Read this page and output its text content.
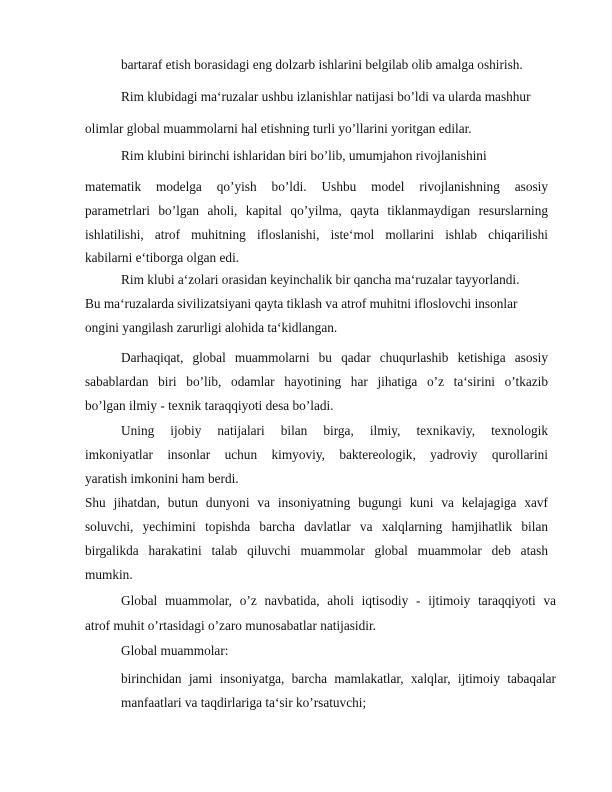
bartaraf etish borasidagi eng dolzarb ishlarini belgilab olib amalga oshirish.
Rim klubidagi ma‘ruzalar ushbu izlanishlar natijasi bo’ldi va ularda mashhur
olimlar global muammolarni hal etishning turli yo’llarini yoritgan edilar.
Rim klubini birinchi ishlaridan biri bo’lib, umumjahon rivojlanishini
matematik modelga qo’yish bo’ldi. Ushbu model rivojlanishning asosiy
parametrlari bo’lgan aholi, kapital qo’yilma, qayta tiklanmaydigan resurslarning
ishlatilishi, atrof muhitning ifloslanishi, iste‘mol mollarini ishlab chiqarilishi
kabilarni e‘tiborga olgan edi.
Rim klubi a‘zolari orasidan keyinchalik bir qancha ma‘ruzalar tayyorlandi.
Bu ma‘ruzalarda sivilizatsiyani qayta tiklash va atrof muhitni ifloslovchi insonlar
ongini yangilash zarurligi alohida ta‘kidlangan.
Darhaqiqat, global muammolarni bu qadar chuqurlashib ketishiga asosiy
sabablardan biri bo’lib, odamlar hayotining har jihatiga o’z ta‘sirini o’tkazib
bo’lgan ilmiy - texnik taraqqiyoti desa bo’ladi.
Uning ijobiy natijalari bilan birga, ilmiy, texnikaviy, texnologik
imkoniyatlar insonlar uchun kimyoviy, baktereologik, yadroviy qurollarini
yaratish imkonini ham berdi.
Shu jihatdan, butun dunyoni va insoniyatning bugungi kuni va kelajagiga xavf
soluvchi, yechimini topishda barcha davlatlar va xalqlarning hamjihatlik bilan
birgalikda harakatini talab qiluvchi muammolar global muammolar deb atash
mumkin.
Global muammolar, o’z navbatida, aholi iqtisodiy - ijtimoiy taraqqiyoti va
atrof muhit o’rtasidagi o’zaro munosabatlar natijasidir.
Global muammolar:
birinchidan jami insoniyatga, barcha mamlakatlar, xalqlar, ijtimoiy tabaqalar
manfaatlari va taqdirlariga ta‘sir ko’rsatuvchi;
